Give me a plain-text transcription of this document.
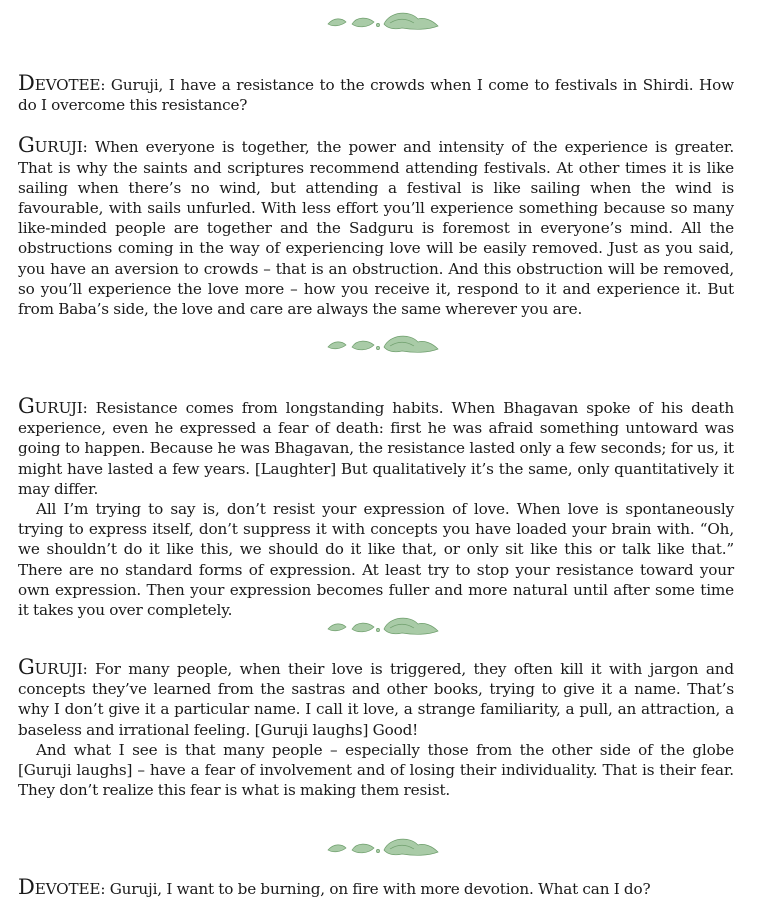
DEVOTEE: Guruji, I have a resistance to the crowds when I come to festivals in Shirdi. How do I overcome this resistance?

GURUJI: When everyone is together, the power and intensity of the experience is greater. That is why the saints and scriptures recommend attending festivals. At other times it is like sailing when there’s no wind, but attending a festival is like sailing when the wind is favourable, with sails unfurled. With less effort you’ll experience something because so many like-minded people are together and the Sadguru is foremost in everyone’s mind. All the obstructions coming in the way of experiencing love will be easily removed. Just as you said, you have an aversion to crowds – that is an obstruction. And this obstruction will be removed, so you’ll experience the love more – how you receive it, respond to it and experience it. But from Baba’s side, the love and care are always the same wherever you are.

GURUJI: Resistance comes from longstanding habits. When Bhagavan spoke of his death experience, even he expressed a fear of death: first he was afraid something untoward was going to happen. Because he was Bhagavan, the resistance lasted only a few seconds; for us, it might have lasted a few years. [Laughter] But qualitatively it’s the same, only quantitatively it may differ.

All I’m trying to say is, don’t resist your expression of love. When love is spontaneously trying to express itself, don’t suppress it with concepts you have loaded your brain with. “Oh, we shouldn’t do it like this, we should do it like that, or only sit like this or talk like that.” There are no standard forms of expression. At least try to stop your resistance toward your own expression. Then your expression becomes fuller and more natural until after some time it takes you over completely.

GURUJI: For many people, when their love is triggered, they often kill it with jargon and concepts they’ve learned from the sastras and other books, trying to give it a name. That’s why I don’t give it a particular name. I call it love, a strange familiarity, a pull, an attraction, a baseless and irrational feeling. [Guruji laughs] Good!

And what I see is that many people – especially those from the other side of the globe [Guruji laughs] – have a fear of involvement and of losing their individuality. That is their fear. They don’t realize this fear is what is making them resist.

DEVOTEE: Guruji, I want to be burning, on fire with more devotion. What can I do?
